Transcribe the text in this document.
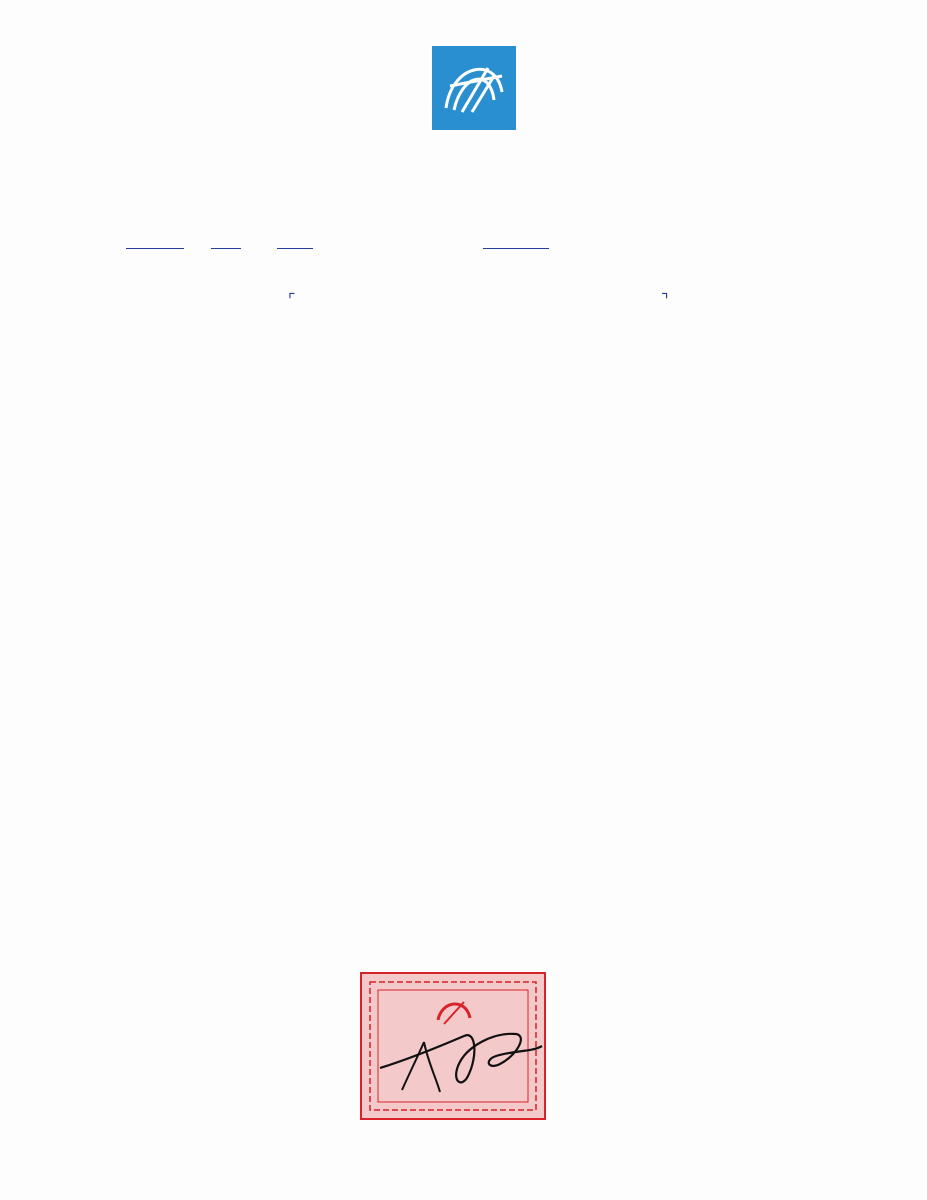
⌜	⌝
